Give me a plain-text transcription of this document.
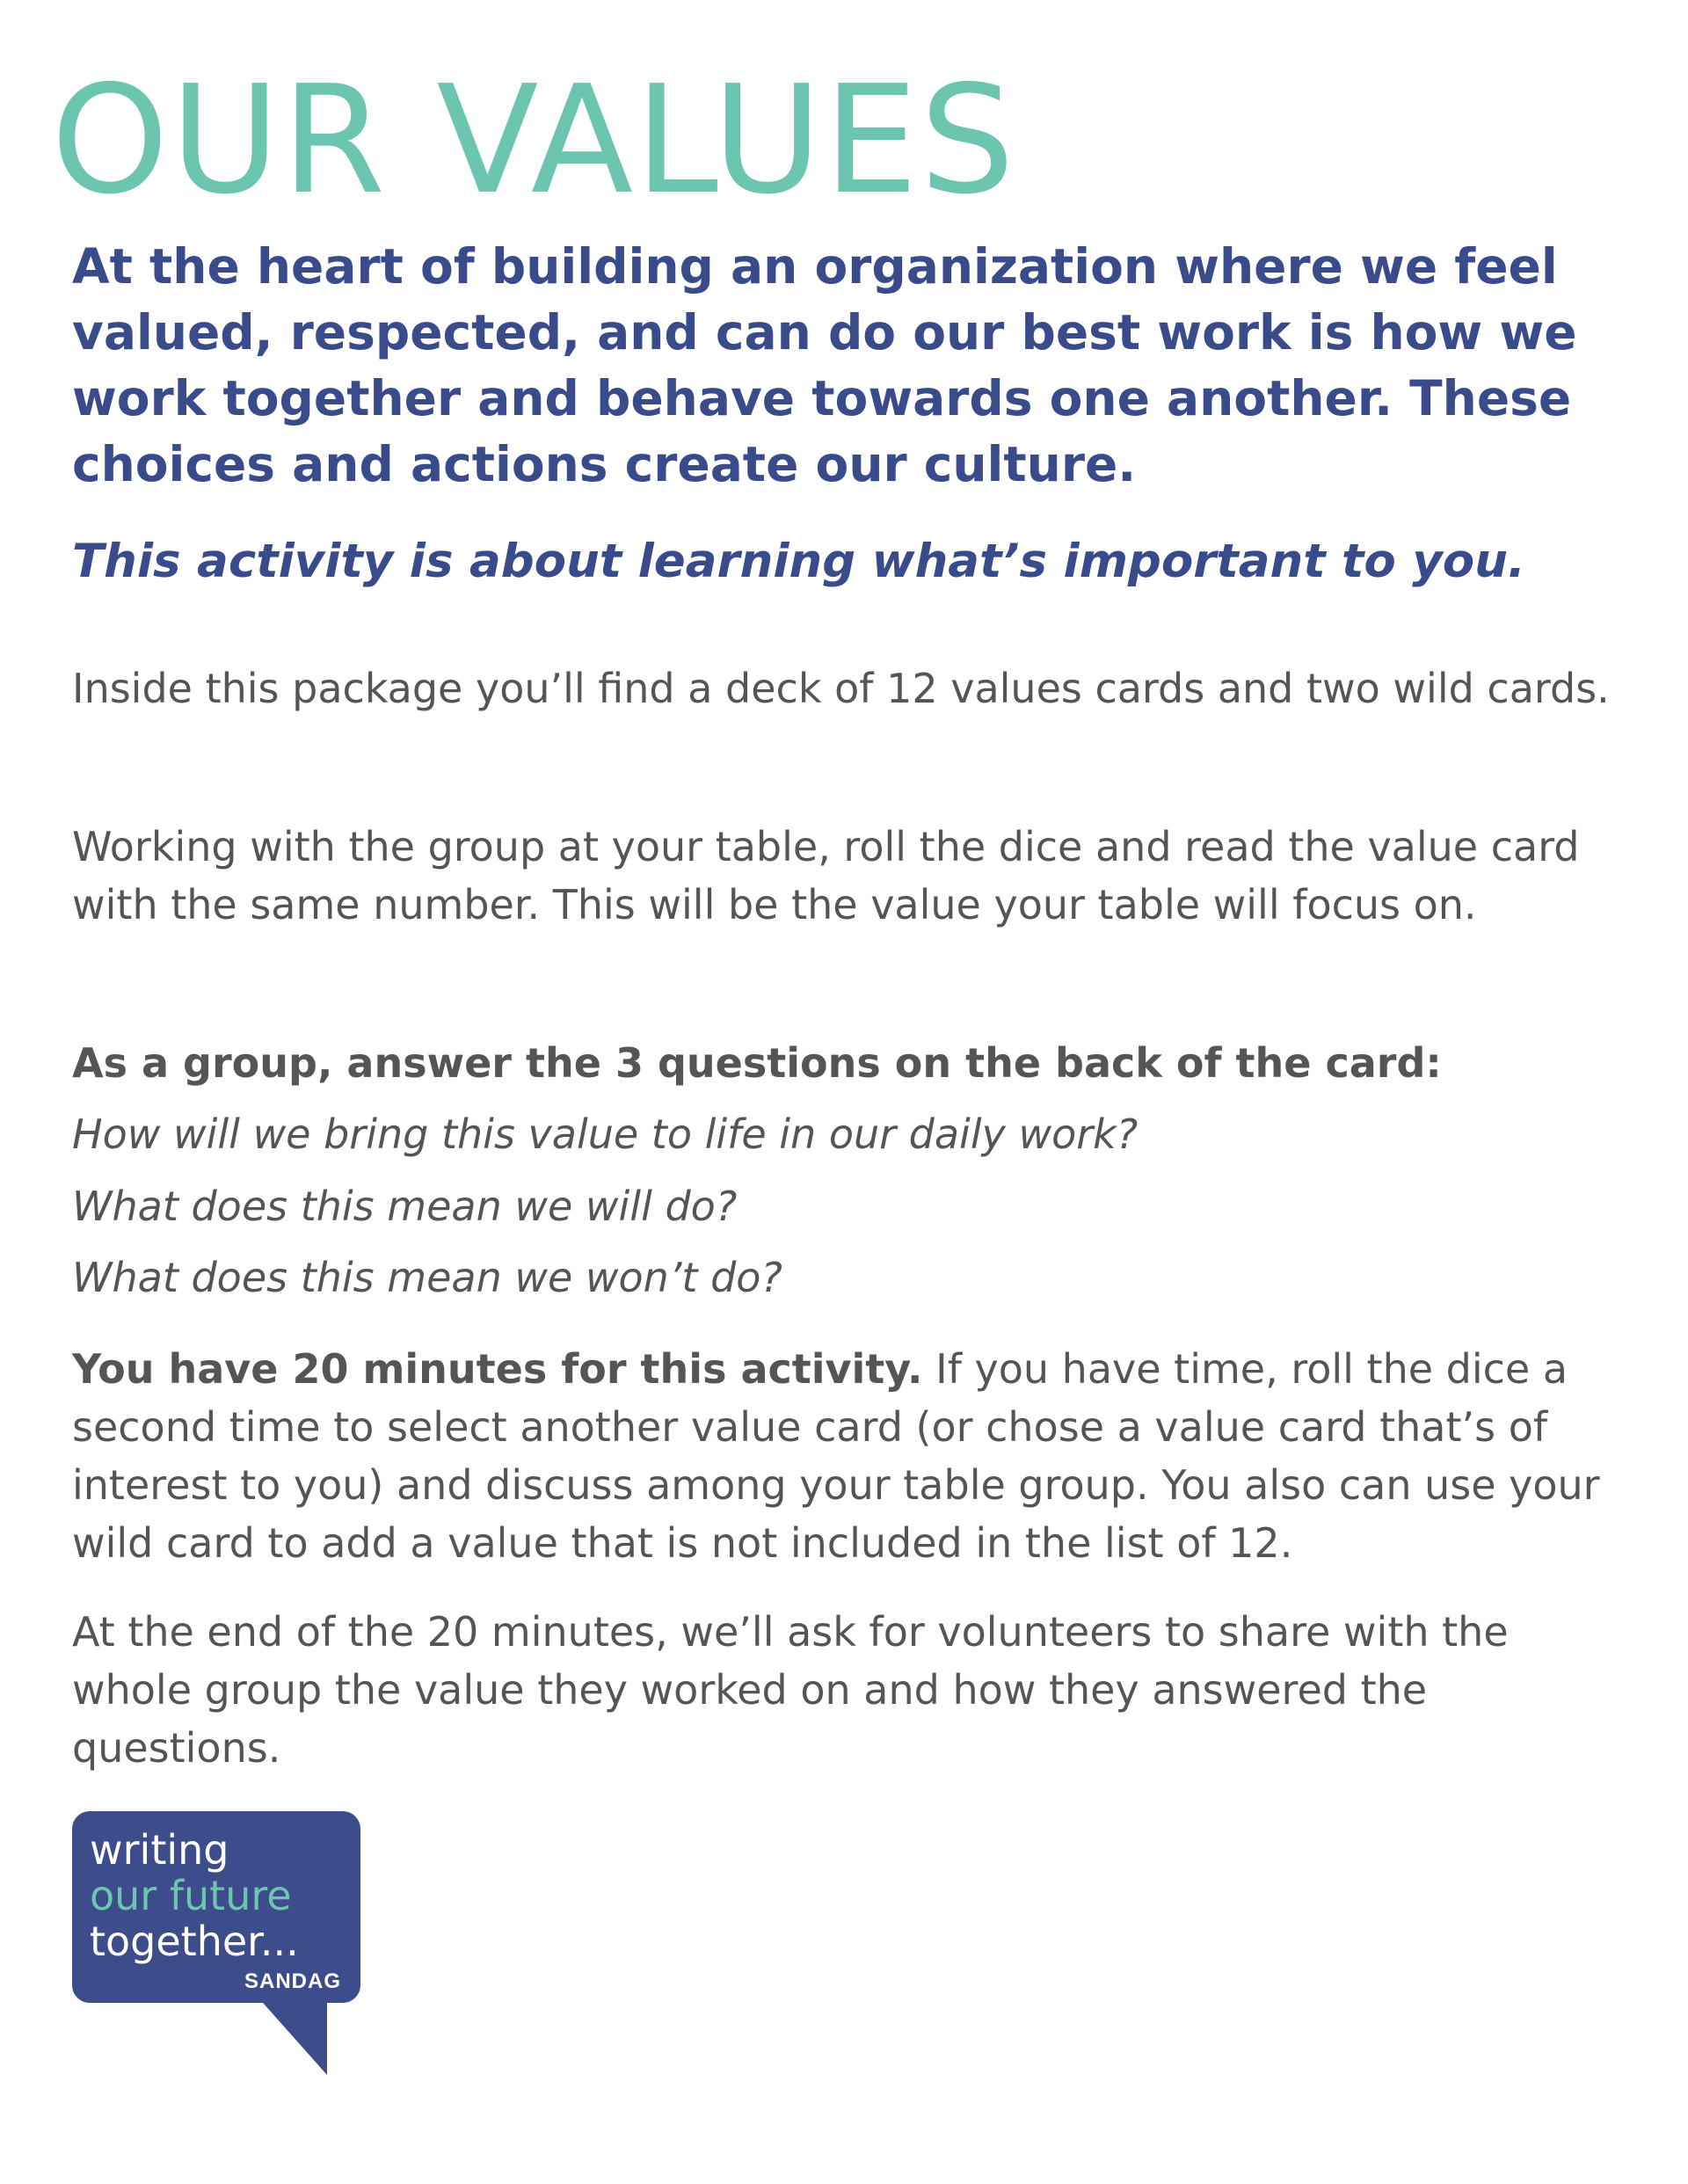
OUR VALUES

At the heart of building an organization where we feel valued, respected, and can do our best work is how we work together and behave towards one another. These choices and actions create our culture.

This activity is about learning what’s important to you.

Inside this package you’ll find a deck of 12 values cards and two wild cards.

Working with the group at your table, roll the dice and read the value card with the same number. This will be the value your table will focus on.

As a group, answer the 3 questions on the back of the card:

How will we bring this value to life in our daily work?

What does this mean we will do?

What does this mean we won’t do?

You have 20 minutes for this activity. If you have time, roll the dice a second time to select another value card (or chose a value card that’s of interest to you) and discuss among your table group. You also can use your wild card to add a value that is not included in the list of 12.

At the end of the 20 minutes, we’ll ask for volunteers to share with the whole group the value they worked on and how they answered the questions.

writing

our future

together...

SANDAG
